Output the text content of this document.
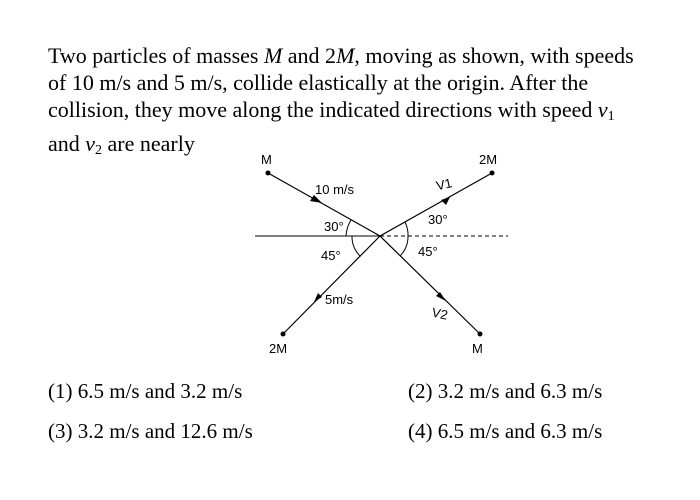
Two particles of masses M and 2M, moving as shown, with speeds of 10 m/s and 5 m/s, collide elastically at the origin. After the collision, they move along the indicated directions with speed $v_1$ and $v_2$ are nearly

M	2M
2M	M
10 m/s
5m/s
30°
45°
30°
45°
V1
V2
(1) 6.5 m/s and 3.2 m/s	(2) 3.2 m/s and 6.3 m/s
(3) 3.2 m/s and 12.6 m/s	(4) 6.5 m/s and 6.3 m/s
